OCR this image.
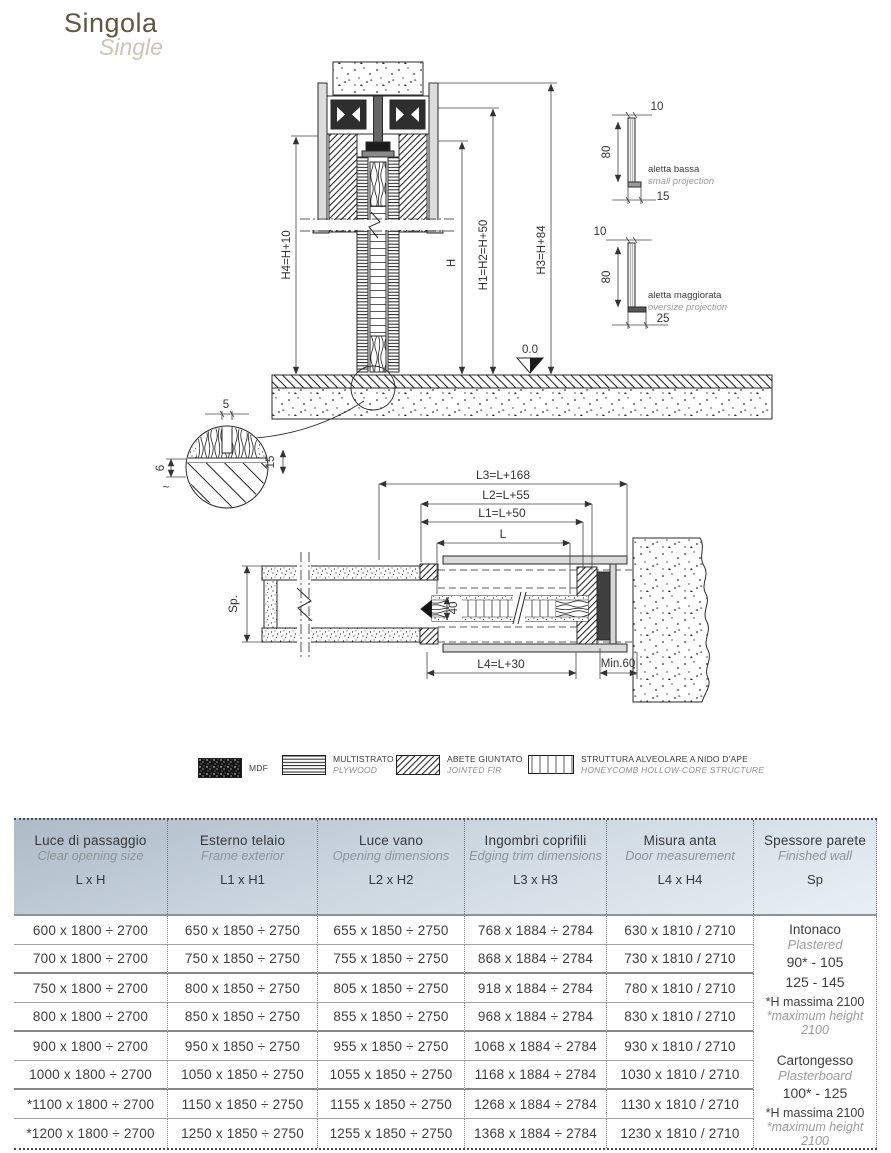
H4=H+10	H H1=H2=H+50	H3=H+84
0.0
10
80
15
aletta bassa
small projection
10
80
25
aletta maggiorata
oversize projection
5
15
6
~
L3=L+168
L2=L+55
L1=L+50
L
L4=L+30	Min.60
Sp.	40
Singola
Single
MDF
MULTISTRATO
PLYWOOD
ABETE GIUNTATO
JOINTED FIR
STRUTTURA ALVEOLARE A NIDO D'APE
HONEYCOMB HOLLOW-CORE STRUCTURE
Luce di passaggio
Clear opening size
L x H
Esterno telaio
Frame exterior
L1 x H1
Luce vano
Opening dimensions
L2 x H2
Ingombri coprifili
Edging trim dimensions
L3 x H3
Misura anta
Door measurement
L4 x H4
Spessore parete
Finished wall
Sp
600 x 1800 ÷ 2700	650 x 1850 ÷ 2750	655 x 1850 ÷ 2750	768 x 1884 ÷ 2784	630 x 1810 / 2710
700 x 1800 ÷ 2700	750 x 1850 ÷ 2750	755 x 1850 ÷ 2750	868 x 1884 ÷ 2784	730 x 1810 / 2710
750 x 1800 ÷ 2700	800 x 1850 ÷ 2750	805 x 1850 ÷ 2750	918 x 1884 ÷ 2784	780 x 1810 / 2710
800 x 1800 ÷ 2700	850 x 1850 ÷ 2750	855 x 1850 ÷ 2750	968 x 1884 ÷ 2784	830 x 1810 / 2710
900 x 1800 ÷ 2700	950 x 1850 ÷ 2750	955 x 1850 ÷ 2750	1068 x 1884 ÷ 2784	930 x 1810 / 2710
1000 x 1800 ÷ 2700	1050 x 1850 ÷ 2750	1055 x 1850 ÷ 2750	1168 x 1884 ÷ 2784	1030 x 1810 / 2710
*1100 x 1800 ÷ 2700	1150 x 1850 ÷ 2750	1155 x 1850 ÷ 2750	1268 x 1884 ÷ 2784	1130 x 1810 / 2710
*1200 x 1800 ÷ 2700	1250 x 1850 ÷ 2750	1255 x 1850 ÷ 2750	1368 x 1884 ÷ 2784	1230 x 1810 / 2710
Intonaco
Plastered
90* - 105
125 - 145
*H massima 2100
*maximum height 2100
Cartongesso
Plasterboard
100* - 125
*H massima 2100
*maximum height 2100
